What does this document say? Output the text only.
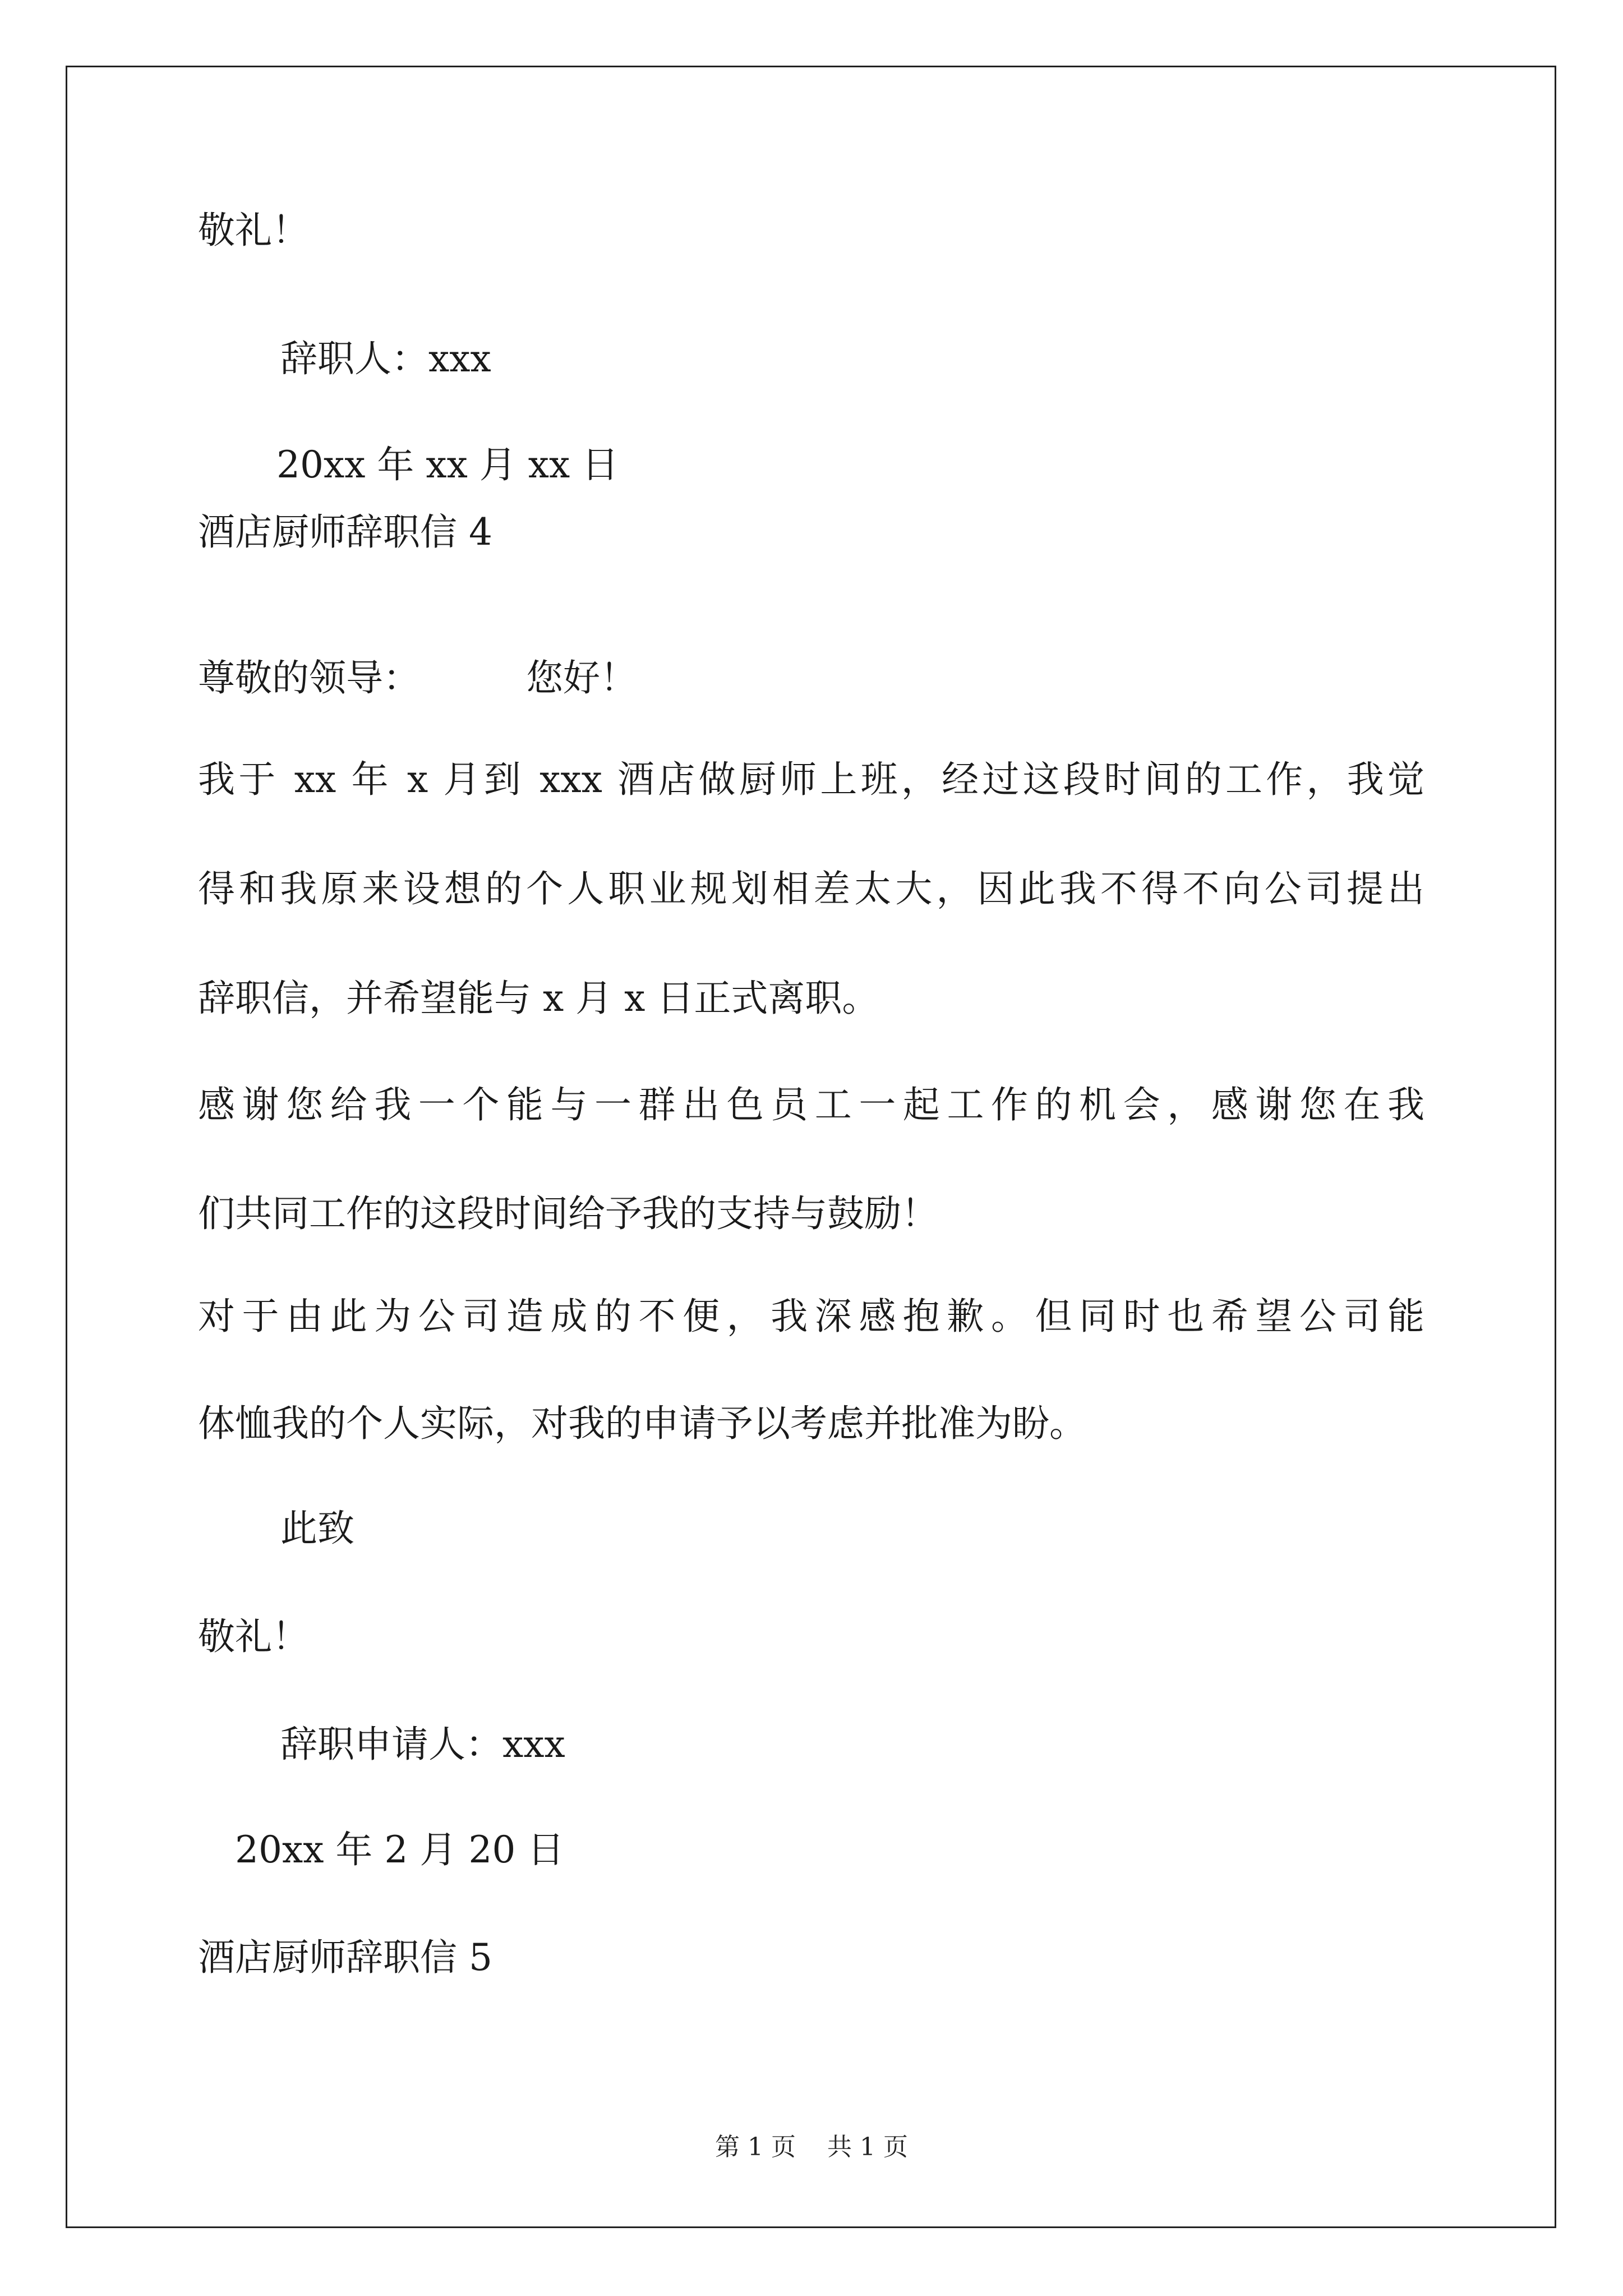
敬礼！

辞职人：xxx

20xx 年 xx 月 xx 日

酒店厨师辞职信 4

尊敬的领导：	您好！

我于 xx 年 x 月到 xxx 酒店做厨师上班，经过这段时间的工作，我觉

得和我原来设想的个人职业规划相差太大，因此我不得不向公司提出

辞职信，并希望能与 x 月 x 日正式离职。

感谢您给我一个能与一群出色员工一起工作的机会，感谢您在我

们共同工作的这段时间给予我的支持与鼓励！

对于由此为公司造成的不便，我深感抱歉。但同时也希望公司能

体恤我的个人实际，对我的申请予以考虑并批准为盼。

此致

敬礼！

辞职申请人：xxx

20xx 年 2 月 20 日

酒店厨师辞职信 5

第 1 页 共 1 页
